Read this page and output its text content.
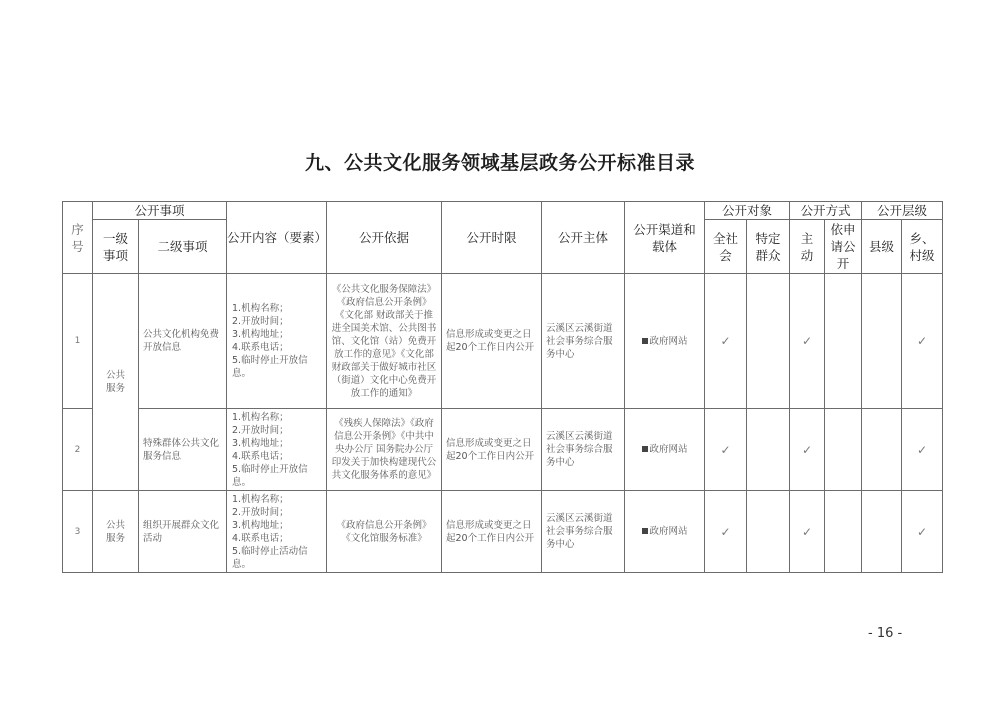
九、公共文化服务领域基层政务公开标准目录
序号	公开事项		公开内容（要素）	公开依据	公开时限	公开主体	公开渠道和载体	公开对象		公开方式		公开层级	
	一级事项	二级事项						全社会	特定群众	主动	依申请公开	县级	乡、村级
1	公共服务	公共文化机构免费开放信息	1.机构名称；
2.开放时间；
3.机构地址；
4.联系电话；
5.临时停止开放信息。	《公共文化服务保障法》《政府信息公开条例》《文化部 财政部关于推进全国美术馆、公共图书馆、文化馆（站）免费开放工作的意见》《文化部 财政部关于做好城市社区（街道）文化中心免费开放工作的通知》	信息形成或变更之日起20个工作日内公开	云溪区云溪街道社会事务综合服务中心	政府网站	✓		✓			✓
2		特殊群体公共文化服务信息	1.机构名称；
2.开放时间；
3.机构地址；
4.联系电话；
5.临时停止开放信息。	《残疾人保障法》《政府信息公开条例》《中共中央办公厅 国务院办公厅印发关于加快构建现代公共文化服务体系的意见》	信息形成或变更之日起20个工作日内公开	云溪区云溪街道社会事务综合服务中心	政府网站	✓		✓			✓
3	公共服务	组织开展群众文化活动	1.机构名称；
2.开放时间；
3.机构地址；
4.联系电话；
5.临时停止活动信息。	《政府信息公开条例》《文化馆服务标准》	信息形成或变更之日起20个工作日内公开	云溪区云溪街道社会事务综合服务中心	政府网站	✓		✓			✓
- 16 -
